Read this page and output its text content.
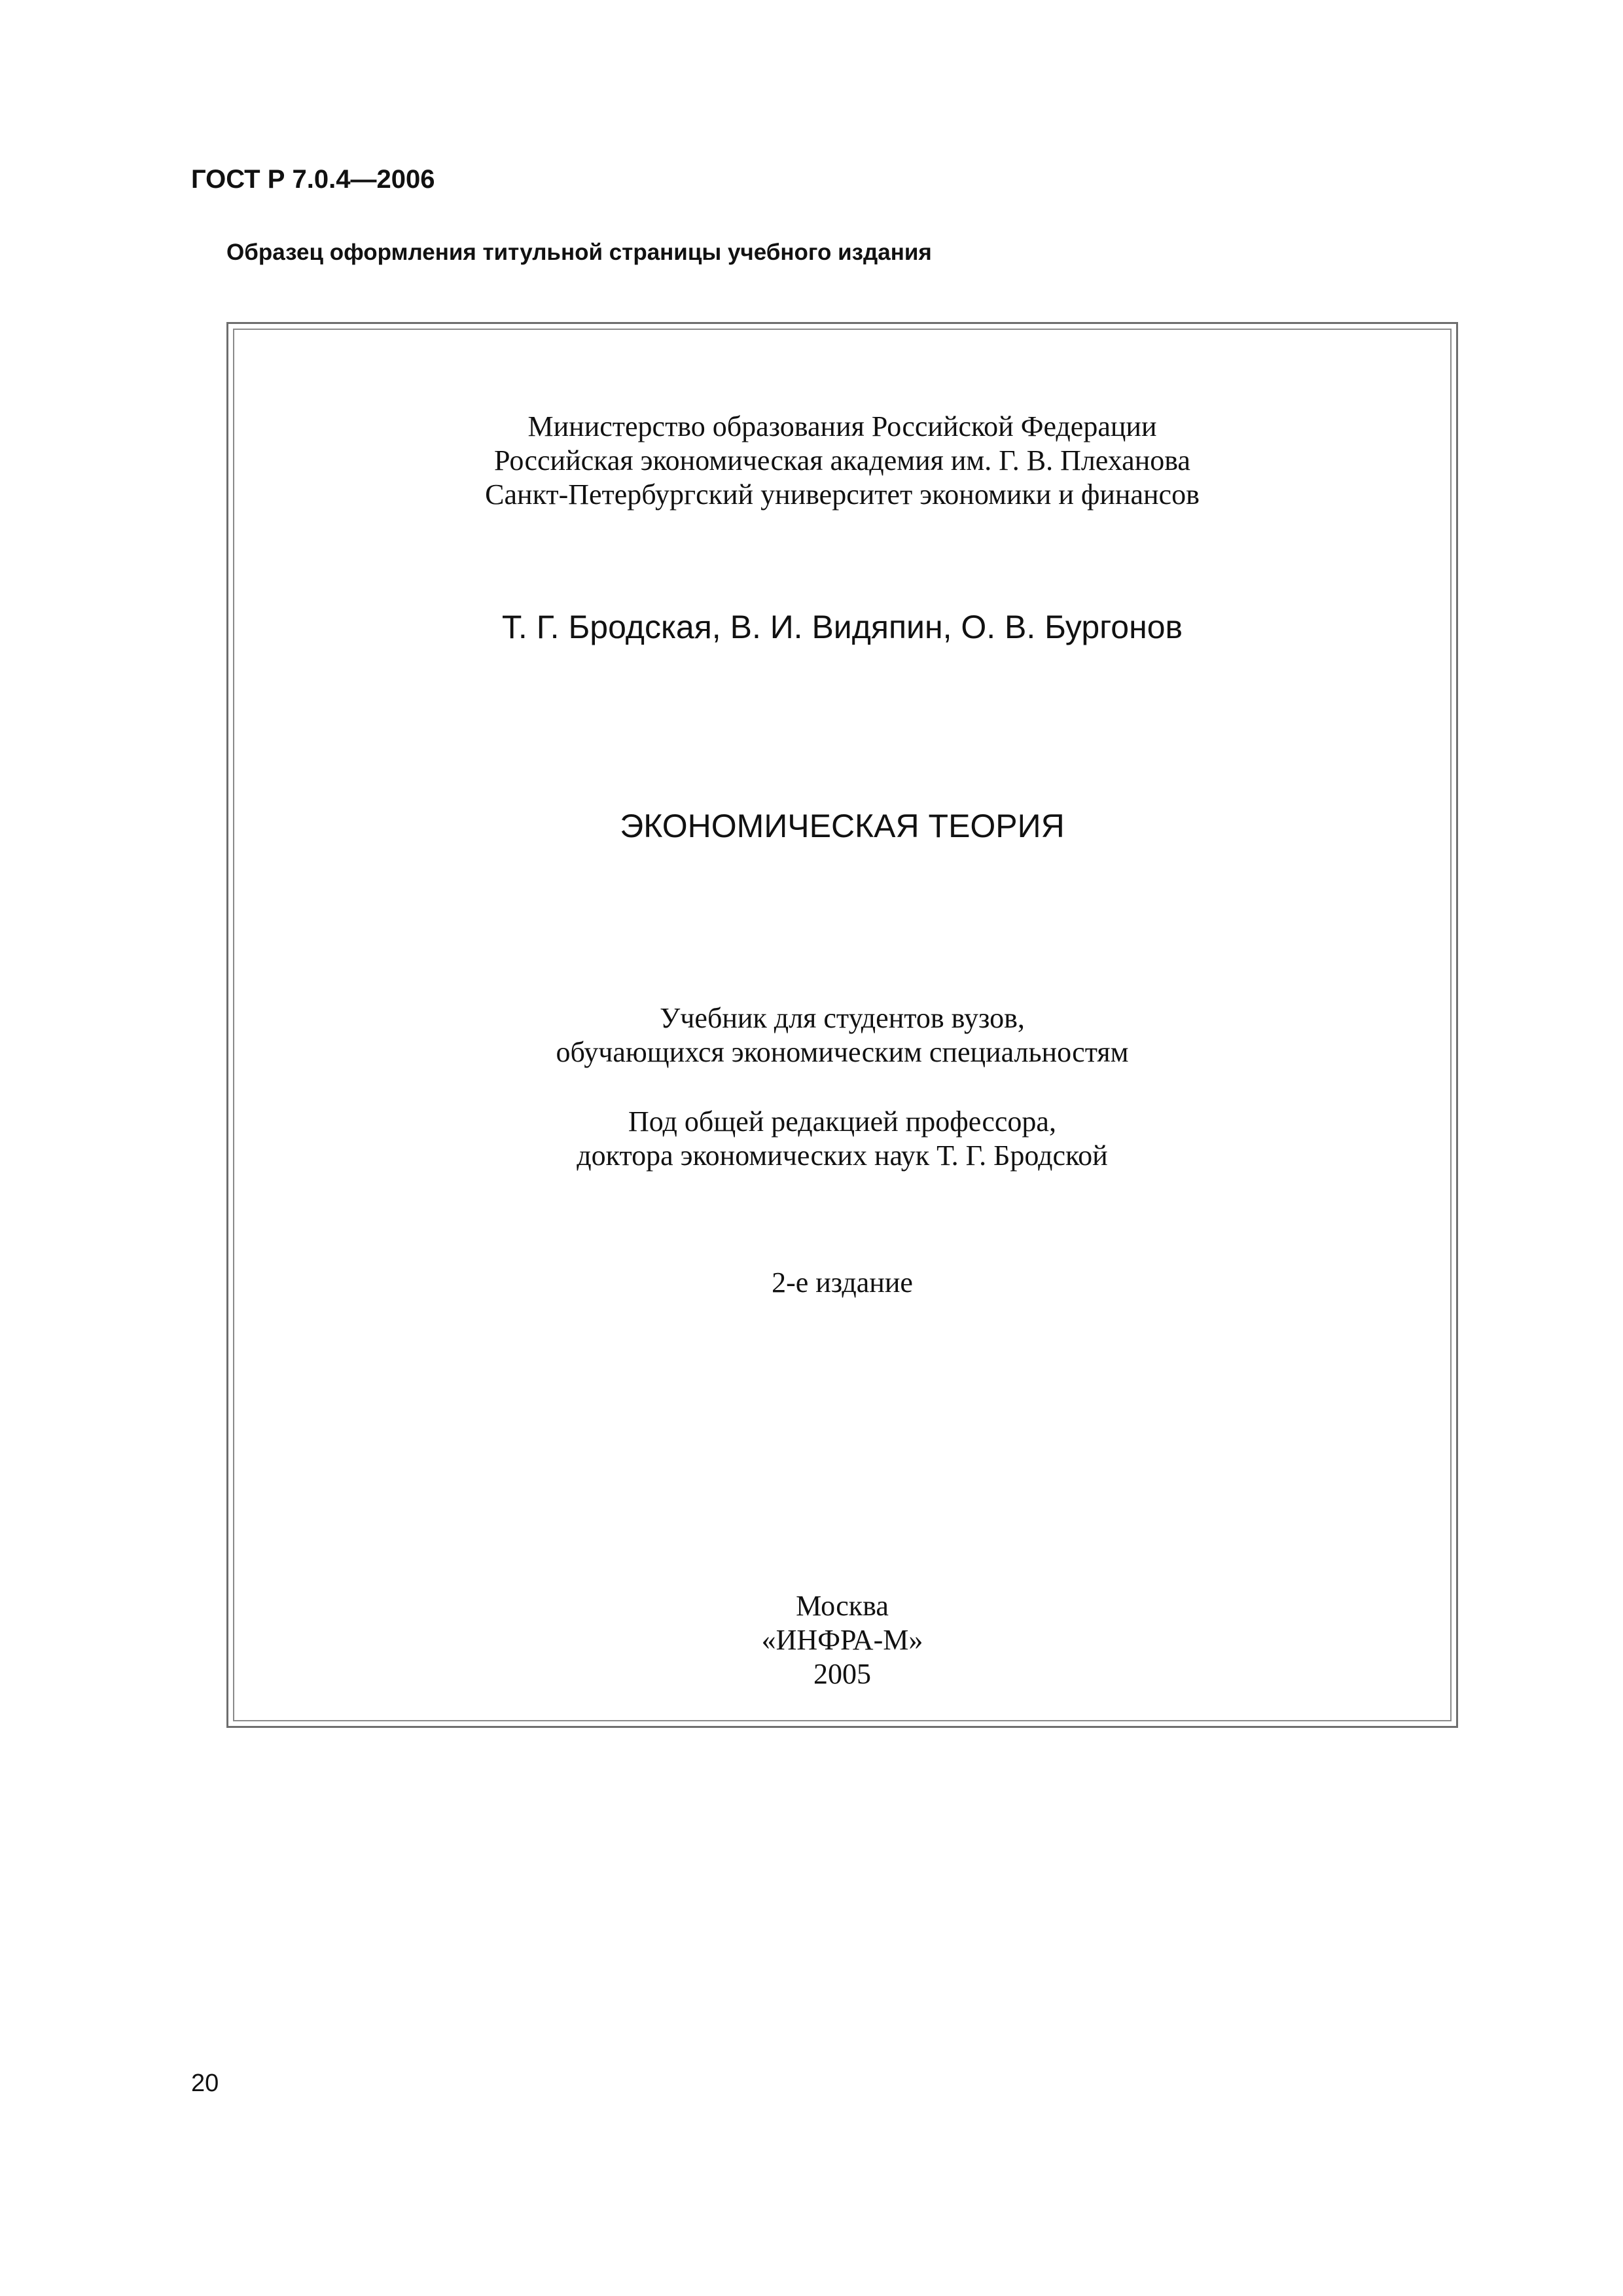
ГОСТ Р 7.0.4—2006
Образец оформления титульной страницы учебного издания
Министерство образования Российской Федерации
Российская экономическая академия им. Г. В. Плеханова
Санкт-Петербургский университет экономики и финансов
Т. Г. Бродская, В. И. Видяпин, О. В. Бургонов
ЭКОНОМИЧЕСКАЯ ТЕОРИЯ
Учебник для студентов вузов,
обучающихся экономическим специальностям
Под общей редакцией профессора,
доктора экономических наук Т. Г. Бродской
2-е издание
Москва
«ИНФРА-М»
2005
20
